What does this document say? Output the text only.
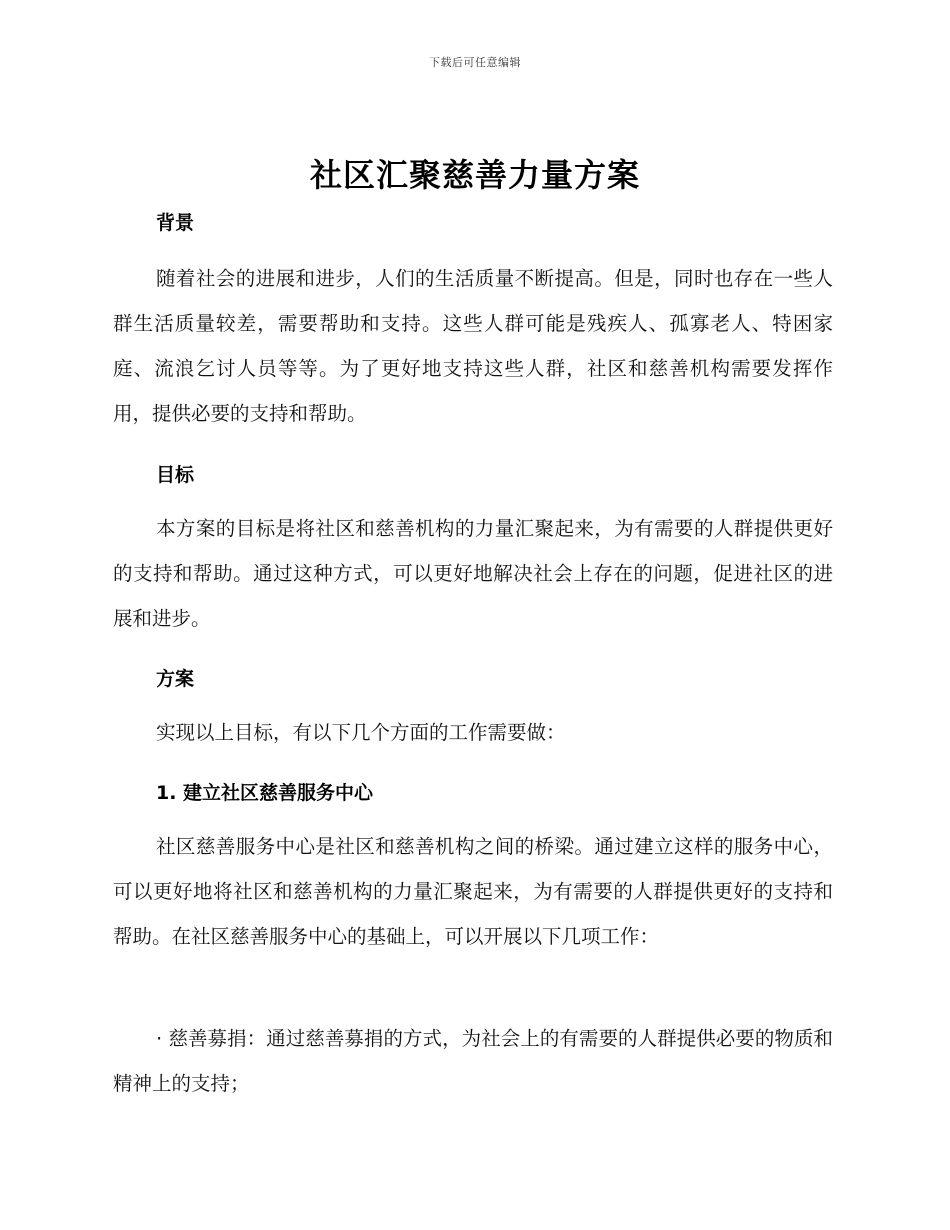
下载后可任意编辑
社区汇聚慈善力量方案
背景
随着社会的进展和进步，人们的生活质量不断提高。但是，同时也存在一些人群生活质量较差，需要帮助和支持。这些人群可能是残疾人、孤寡老人、特困家庭、流浪乞讨人员等等。为了更好地支持这些人群，社区和慈善机构需要发挥作用，提供必要的支持和帮助。
目标
本方案的目标是将社区和慈善机构的力量汇聚起来，为有需要的人群提供更好的支持和帮助。通过这种方式，可以更好地解决社会上存在的问题，促进社区的进展和进步。
方案
实现以上目标，有以下几个方面的工作需要做：
1. 建立社区慈善服务中心
社区慈善服务中心是社区和慈善机构之间的桥梁。通过建立这样的服务中心，可以更好地将社区和慈善机构的力量汇聚起来，为有需要的人群提供更好的支持和帮助。在社区慈善服务中心的基础上，可以开展以下几项工作：
· 慈善募捐：通过慈善募捐的方式，为社会上的有需要的人群提供必要的物质和精神上的支持；
